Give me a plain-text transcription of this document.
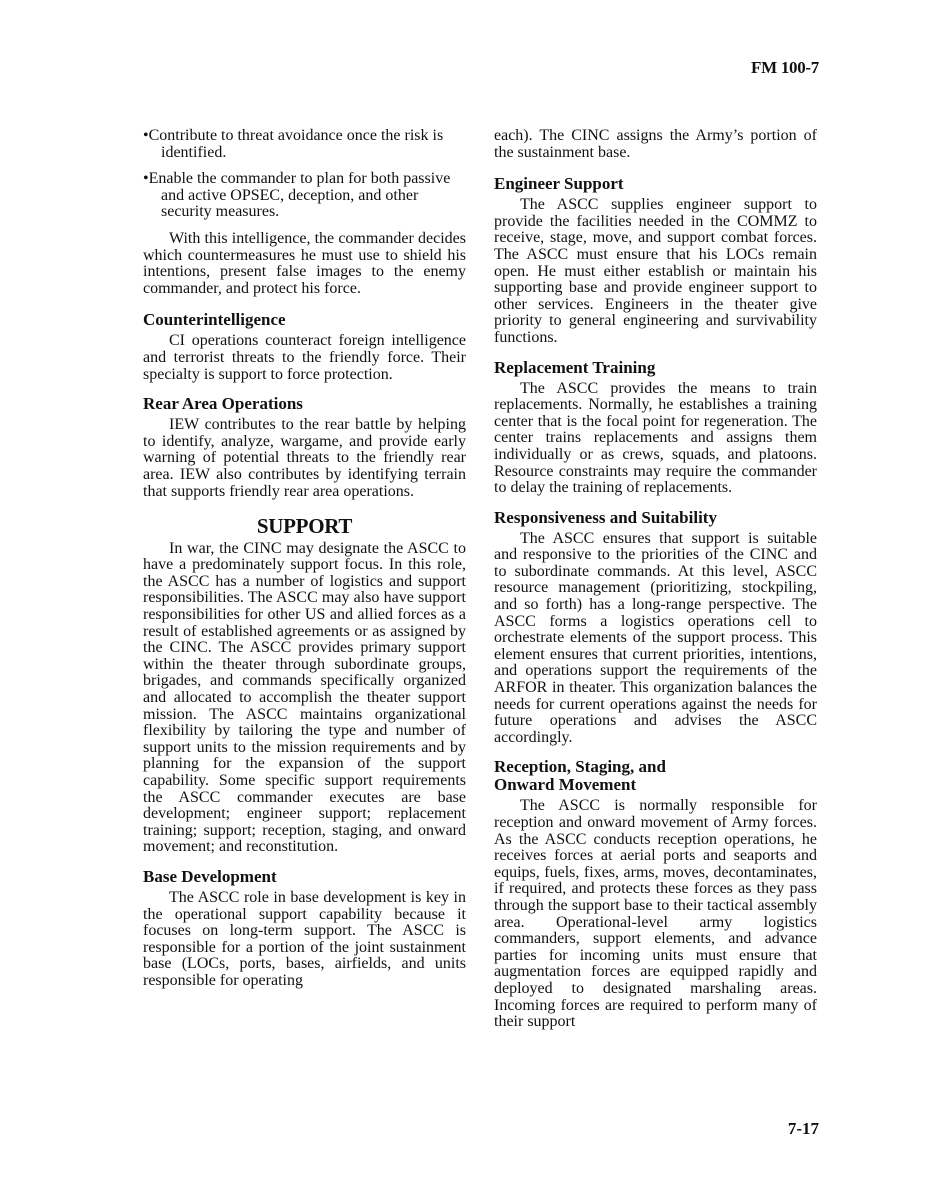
FM 100-7
•Contribute to threat avoidance once the risk is identified.
•Enable the commander to plan for both passive and active OPSEC, deception, and other security measures.

With this intelligence, the commander decides which countermeasures he must use to shield his intentions, present false images to the enemy commander, and protect his force.

Counterintelligence

CI operations counteract foreign intelligence and terrorist threats to the friendly force. Their specialty is support to force protection.

Rear Area Operations

IEW contributes to the rear battle by helping to identify, analyze, wargame, and provide early warning of potential threats to the friendly rear area. IEW also contributes by identifying terrain that supports friendly rear area operations.

SUPPORT

In war, the CINC may designate the ASCC to have a predominately support focus. In this role, the ASCC has a number of logistics and support responsibilities. The ASCC may also have support responsibilities for other US and allied forces as a result of established agreements or as assigned by the CINC. The ASCC provides primary support within the theater through subordinate groups, brigades, and commands specifically organized and allocated to accomplish the theater support mission. The ASCC maintains organizational flexibility by tailoring the type and number of support units to the mission requirements and by planning for the expansion of the support capability. Some specific support requirements the ASCC commander executes are base development; engineer support; replacement training; support; reception, staging, and onward movement; and reconstitution.

Base Development

The ASCC role in base development is key in the operational support capability because it focuses on long-term support. The ASCC is responsible for a portion of the joint sustainment base (LOCs, ports, bases, airfields, and units responsible for operating

each). The CINC assigns the Army’s portion of the sustainment base.

Engineer Support

The ASCC supplies engineer support to provide the facilities needed in the COMMZ to receive, stage, move, and support combat forces. The ASCC must ensure that his LOCs remain open. He must either establish or maintain his supporting base and provide engineer support to other services. Engineers in the theater give priority to general engineering and survivability functions.

Replacement Training

The ASCC provides the means to train replacements. Normally, he establishes a training center that is the focal point for regeneration. The center trains replacements and assigns them individually or as crews, squads, and platoons. Resource constraints may require the commander to delay the training of replacements.

Responsiveness and Suitability

The ASCC ensures that support is suitable and responsive to the priorities of the CINC and to subordinate commands. At this level, ASCC resource management (prioritizing, stockpiling, and so forth) has a long-range perspective. The ASCC forms a logistics operations cell to orchestrate elements of the support process. This element ensures that current priorities, intentions, and operations support the requirements of the ARFOR in theater. This organization balances the needs for current operations against the needs for future operations and advises the ASCC accordingly.

Reception, Staging, and
Onward Movement

The ASCC is normally responsible for reception and onward movement of Army forces. As the ASCC conducts reception operations, he receives forces at aerial ports and seaports and equips, fuels, fixes, arms, moves, decontaminates, if required, and protects these forces as they pass through the support base to their tactical assembly area. Operational-level army logistics commanders, support elements, and advance parties for incoming units must ensure that augmentation forces are equipped rapidly and deployed to designated marshaling areas. Incoming forces are required to perform many of their support

7-17
